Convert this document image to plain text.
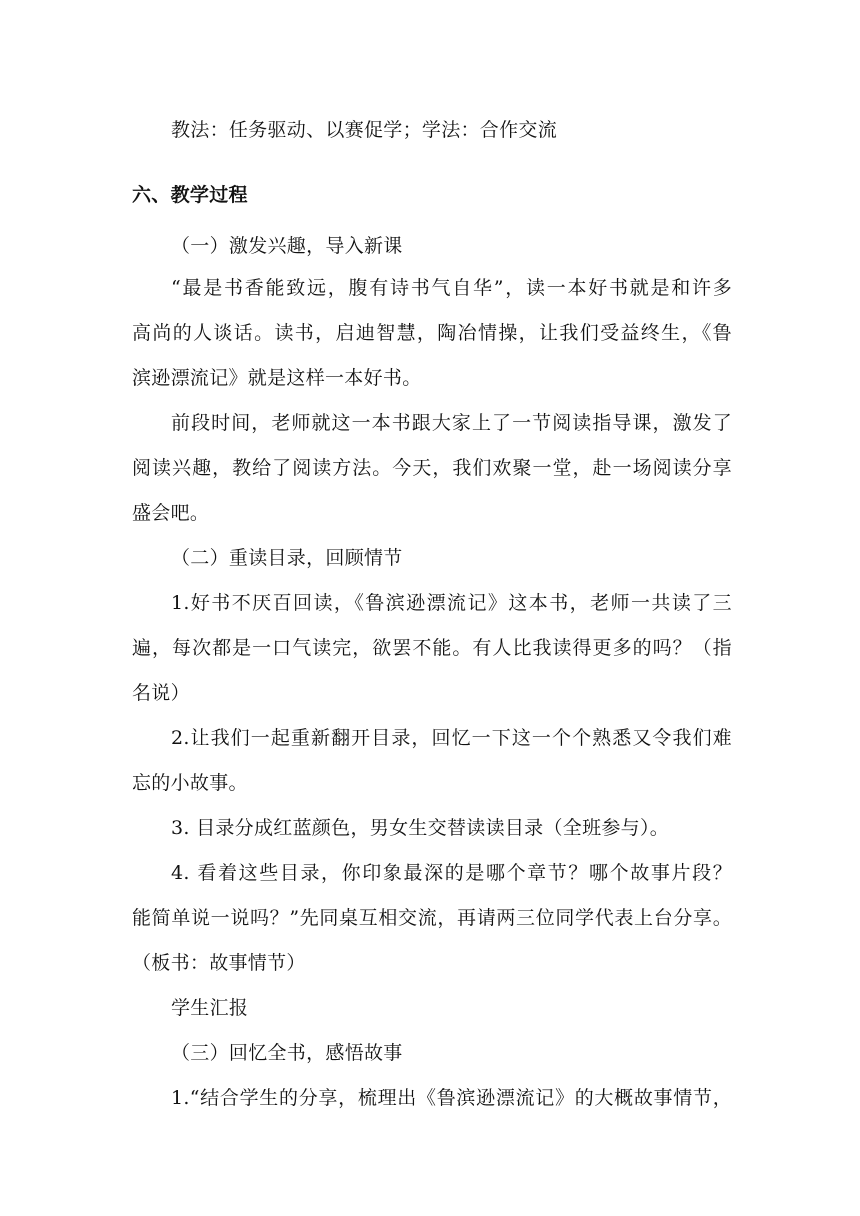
教法：任务驱动、以赛促学；学法：合作交流
六、教学过程
（一）激发兴趣，导入新课
“最是书香能致远，腹有诗书气自华”，读一本好书就是和许多
高尚的人谈话。读书，启迪智慧，陶冶情操，让我们受益终生，《鲁
滨逊漂流记》就是这样一本好书。
前段时间，老师就这一本书跟大家上了一节阅读指导课，激发了
阅读兴趣，教给了阅读方法。今天，我们欢聚一堂，赴一场阅读分享
盛会吧。
（二）重读目录，回顾情节
1.好书不厌百回读，《鲁滨逊漂流记》这本书，老师一共读了三
遍，每次都是一口气读完，欲罢不能。有人比我读得更多的吗？（指
名说）
2.让我们一起重新翻开目录，回忆一下这一个个熟悉又令我们难
忘的小故事。
3. 目录分成红蓝颜色，男女生交替读读目录（全班参与）。
4. 看着这些目录，你印象最深的是哪个章节？哪个故事片段？
能简单说一说吗？”先同桌互相交流，再请两三位同学代表上台分享。
（板书：故事情节）
学生汇报
（三）回忆全书，感悟故事
1.“结合学生的分享，梳理出《鲁滨逊漂流记》的大概故事情节，
